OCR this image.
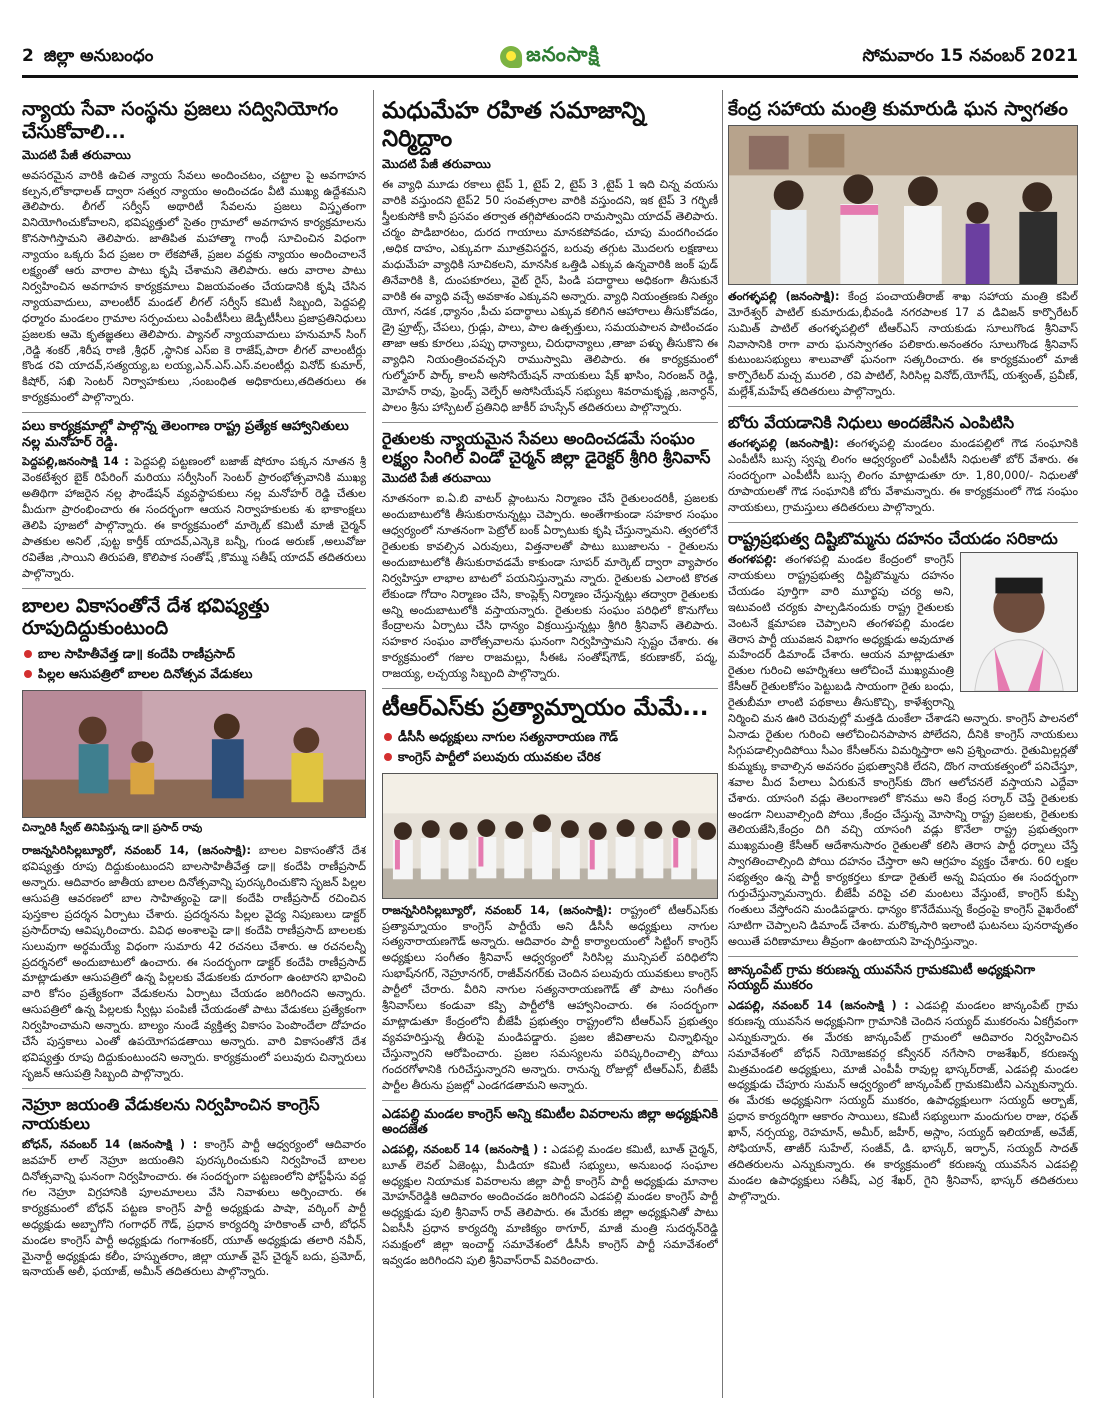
2 జిల్లా అనుబంధం	జనంసాక్షి	సోమవారం 15 నవంబర్ 2021
న్యాయ సేవా సంస్థను ప్రజలు సద్వినియోగం చేసుకోవాలి...
మొదటి పేజీ తరువాయి

అవసరమైన వారికి ఉచిత న్యాయ సేవలు అందించటం, చట్టాల పై అవగాహన కల్పన,లోకాధాలత్ ద్వారా సత్వర న్యాయం అందించడం వీటి ముఖ్య ఉద్దేశమని తెలిపారు. లీగల్ సర్వీస్ అథారిటీ సేవలను ప్రజలు విస్తృతంగా వినియోగించుకోవాలని, భవిష్యత్తులో సైతం గ్రామాలో అవగాహన కార్యక్రమాలను కొనసాగిస్తామని తెలిపారు. జాతిపిత మహాత్మా గాంధీ సూచించిన విధంగా న్యాయం ఒక్కరు పేద ప్రజల రా లేకపోతే, ప్రజల వద్దకు న్యాయం అందించాలనే లక్ష్యంతో ఆరు వారాల పాటు కృషి చేశామని తెలిపారు. ఆరు వారాల పాటు నిర్వహించిన అవగాహన కార్యక్రమాలు విజయవంతం చేయడానికి కృషి చేసిన న్యాయవాదులు, వాలంటీర్ మండల్ లీగల్ సర్వీస్ కమిటీ సిబ్బంది, పెద్దపల్లి ధర్మారం మండలం గ్రామాల సర్పంచులు ఎంపీటీసీలు జెడ్పీటీసీలు ప్రజాప్రతినిధులు ప్రజలకు ఆమె కృతజ్ఞతలు తెలిపారు. ప్యానల్ న్యాయవాదులు హనుమాన్ సింగ్ ,రెడ్డి శంకర్ ,శిరీష రాణి ,శ్రీధర్ ,స్థానిక ఎస్ఐ కె రాజేష్,పారా లీగల్ వాలంటీర్లు కొండ రవి యాదవ్,సత్యయ్య,బ లయ్య,ఎన్.ఎస్.ఎస్.వలంటీర్లు వినోద్ కుమార్, కిషోర్, సఖి సెంటర్ నిర్వాహకులు ,సంబంధిత అధికారులు,తదితరులు ఈ కార్యక్రమంలో పాల్గొన్నారు.

పలు కార్యక్రమాల్లో పాల్గొన్న తెలంగాణ రాష్ట్ర ప్రత్యేక ఆహ్వానితులు నల్ల మనోహర్ రెడ్డి.

పెద్దపల్లి,జనంసాక్షి 14 : పెద్దపల్లి పట్టణంలో బజాజ్ షోరూం పక్కన నూతన శ్రీ వెంకటేశ్వర బైక్ రిపేరింగ్ మరియు సర్వీసింగ్ సెంటర్ ప్రారంభోత్సవానికి ముఖ్య అతిథిగా హాజరైన నల్ల ఫౌండేషన్ వ్యవస్థాపకులు నల్ల మనోహర్ రెడ్డి చేతుల మీదుగా ప్రారంభించారు ఈ సందర్భంగా ఆయన నిర్వాహకులకు శు భాకాంక్షలు తెలిపి పూజలో పాల్గొన్నారు. ఈ కార్యక్రమంలో మార్కెట్ కమిటీ మాజీ చైర్మన్ పాతకుల అనిల్ ,పుట్ట కార్తీక్ యాదవ్,ఎన్కెకె బన్నీ, గుండ అరుణ్ ,అలువోజు రవితేజ ,సాయిని తిరుపతి, కొలిపాక సంతోష్ ,కొమ్ము సతీష్ యాదవ్ తదితరులు పాల్గొన్నారు.

బాలల వికాసంతోనే దేశ భవిష్యత్తు రూపుదిద్దుకుంటుంది
బాల సాహితీవేత్త డా॥ కందేపి రాణీప్రసాద్
పిల్లల ఆసుపత్రిలో బాలల దినోత్సవ వేడుకలు
చిన్నారికి స్వీట్ తినిపిస్తున్న డా॥ ప్రసాద్ రావు

రాజన్నసిరిసిల్లబ్యూరో, నవంబర్ 14, (జనంసాక్షి): బాలల వికాసంతోనే దేశ భవిష్యత్తు రూపు దిద్దుకుంటుందని బాలసాహితీవేత్త డా॥ కందేపి రాణీప్రసాద్ అన్నారు. ఆదివారం జాతీయ బాలల దినోత్సవాన్ని పురస్కరించుకొని సృజన్ పిల్లల ఆసుపత్రి ఆవరణలో బాల సాహిత్యంపై డా॥ కందేపి రాణీప్రసాద్ రచించిన పుస్తకాల ప్రదర్శన ఏర్పాటు చేశారు. ప్రదర్శనను పిల్లల వైద్య నిపుణులు డాక్టర్ ప్రసాద్‌రావు ఆవిష్కరించారు. వివిధ అంశాలపై డా॥ కందేపి రాణీప్రసాద్ బాలలకు సులువుగా అర్థమయ్యే విధంగా సుమారు 42 రచనలు చేశారు. ఆ రచనలన్నీ ప్రదర్శనలో అందుబాటులో ఉంచారు. ఈ సందర్భంగా డాక్టర్ కందేపి రాణీప్రసాద్ మాట్లాడుతూ ఆసుపత్రిలో ఉన్న పిల్లలకు వేడుకలకు దూరంగా ఉంటారని భావించి వారి కోసం ప్రత్యేకంగా వేడుకలను ఏర్పాటు చేయడం జరిగిందని అన్నారు. ఆసుపత్రిలో ఉన్న పిల్లలకు స్వీట్లు పంపిణీ చేయడంతో పాటు వేడుకలు ప్రత్యేకంగా నిర్వహించామని అన్నారు. బాల్యం నుండే వ్యక్తిత్వ వికాసం పెంపొందేలా దోహదం చేసే పుస్తకాలు ఎంతో ఉపయోగపడతాయి అన్నారు. వారి వికాసంతోనే దేశ భవిష్యత్తు రూపు దిద్దుకుంటుందని అన్నారు. కార్యక్రమంలో పలువురు చిన్నారులు సృజన్ ఆసుపత్రి సిబ్బంది పాల్గొన్నారు.

నెహ్రూ జయంతి వేడుకలను నిర్వహించిన కాంగ్రెస్ నాయకులు

బోధన్, నవంబర్ 14 (జనంసాక్షి ) : కాంగ్రెస్ పార్టీ ఆధ్వర్యంలో ఆదివారం జవహర్ లాల్ నెహ్రూ జయంతిని పురస్కరించుకుని నిర్వహించే బాలల దినోత్సవాన్ని ఘనంగా నిర్వహించారు. ఈ సందర్భంగా పట్టణంలోని ఫోస్ట్‌ఫీసు వద్ద గల నెహ్రూ విగ్రహానికి పూలమాలలు వేసి నివాళులు అర్పించారు. ఈ కార్యక్రమంలో బోధన్ పట్టణ కాంగ్రెస్ పార్టీ అధ్యక్షుడు పాషా, వర్కింగ్ పార్టీ అధ్యక్షుడు అబ్బాగోని గంగాధర్ గౌడ్, ప్రధాన కార్యదర్శి హరికాంత్ చారీ, బోధన్ మండల కాంగ్రెస్ పార్టీ అధ్యక్షుడు గంగాశంకర్, యూత్ అధ్యక్షుడు తలారి నవీన్, మైనార్టీ అధ్యక్షుడు కలీం, హస్నుతరాం, జిల్లా యూత్ వైస్ చైర్మన్ బదు, ప్రమోద్, ఇనాయత్ అలీ, ఫయాజ్, అమీన్ తదితరులు పాల్గొన్నారు.

మధుమేహ రహిత సమాజాన్ని నిర్మిద్దాం
మొదటి పేజీ తరువాయి

ఈ వ్యాధి మూడు రకాలు టైప్ 1, టైప్ 2, టైప్ 3 ,టైప్ 1 ఇది చిన్న వయసు వారికి వస్తుందని టైప్2 50 సంవత్సరాల వారికి వస్తుందని, ఇక టైప్ 3 గర్భిణీ స్త్రీలకుసోకి కానీ ప్రసవం తర్వాత తగ్గిపోతుందని రామస్వామి యాదవ్ తెలిపారు. చర్మం పొడిబారటం, దురద గాయాలు మానకపోవడం, చూపు మందగించడం ,అధిక దాహం, ఎక్కువగా మూత్రవిసర్జన, బరువు తగ్గుట మొదలగు లక్షణాలు మధుమేహ వ్యాధికి సూచికలని, మానసిక ఒత్తిడి ఎక్కువ ఉన్నవారికి జంక్ ఫుడ్ తినేవారికి కి, దుంపకూరలు, వైట్ రైస్, పిండి పదార్థాలు అధికంగా తీసుకునే వారికి ఈ వ్యాధి వచ్చే అవకాశం ఎక్కువని అన్నారు. వ్యాధి నియంత్రణకు నిత్యం యోగ, నడక ,ధ్యానం ,పీచు పదార్థాలు ఎక్కువ కలిగిన ఆహారాలు తీసుకోవడం, డ్రై ఫ్రూట్స్, చేపలు, గ్రుడ్లు, పాలు, పాల ఉత్పత్తులు, సమయపాలన పాటించడం తాజా ఆకు కూరలు ,పప్పు ధాన్యాలు, చిరుధాన్యాలు ,తాజా పళ్ళు తీసుకొని ఈ వ్యాధిని నియంత్రించవచ్చని రాముస్వామి తెలిపారు. ఈ కార్యక్రమంలో గుల్మోహర్ పార్క్ కాలనీ అసోసియేషన్ నాయకులు షేక్ ఖాసిం, నిరంజన్ రెడ్డి, మోహన్ రావు, ఫ్రెండ్స్ వెల్ఫేర్ అసోసియేషన్ సభ్యులు శివరామకృష్ణ ,జనార్ధన్, పాలం శ్రీను హాస్పిటల్ ప్రతినిధి జాకీర్ హుస్సేన్ తదితరులు పాల్గొన్నారు.

రైతులకు న్యాయమైన సేవలు అందించడమే సంఘం లక్ష్యం సింగిల్ విండో చైర్మన్ జిల్లా డైరెక్టర్ శ్రీగిరి శ్రీనివాస్
మొదటి పేజీ తరువాయి

నూతనంగా ఐ.ఏ.బి వాటర్ ప్లాంటును నిర్మాణం చేసే రైతులందరికీ, ప్రజలకు అందుబాటులోకి తీసుకురానున్నట్లు చెప్పారు. అంతేగాకుండా సహకార సంఘం ఆధ్వర్యంలో నూతనంగా పెట్రోల్ బంక్ ఏర్పాటుకు కృషి చేస్తున్నామని. త్వరలోనే రైతులకు కావల్సిన ఎరువులు, విత్తనాలతో పాటు ఋజాలను - రైతులను అందుబాటులోకి తీసుకురావడమే కాకుండా సూపర్ మార్కెట్ ద్వారా వ్యాపారం నిర్వహిస్తూ లాభాల బాటలో పయనిస్తున్నామ న్నారు. రైతులకు ఎలాంటి కొరత లేకుండా గోదాం నిర్మాణం చేసి, కాంప్లెక్స్ నిర్మాణం చేస్తున్నట్లు తద్వారా రైతులకు అన్ని అందుబాటులోకి వస్తాయన్నారు. రైతులకు సంఘం పరిధిలో కొనుగోలు కేంద్రాలను ఏర్పాటు చేసి ధాన్యం విక్రయిస్తున్నట్లు శ్రీగిరి శ్రీనివాస్ తెలిపారు. సహకార సంఘం వారోత్సవాలను ఘనంగా నిర్వహిస్తామని స్పష్టం చేశారు. ఈ కార్యక్రమంలో గజుల రాజమల్లు, సీఈఓ సంతోష్‌గౌడ్, కరుణాకర్, పద్మ, రాజయ్య, లచ్చయ్య సిబ్బంది పాల్గొన్నారు.

టీఆర్ఎస్‌కు ప్రత్యామ్నాయం మేమే...
డీసీసీ అధ్యక్షులు నాగుల సత్యనారాయణ గౌడ్
కాంగ్రెస్ పార్టీలో పలువురు యువకుల చేరిక

రాజన్నసిరిసిల్లబ్యూరో, నవంబర్ 14, (జనంసాక్షి): రాష్ట్రంలో టీఆర్ఎస్‌కు ప్రత్యామ్నాయం కాంగ్రెస్ పార్టీయే అని డీసీసీ అధ్యక్షులు నాగుల సత్యనారాయణగౌడ్ అన్నారు. ఆదివారం పార్టీ కార్యాలయంలో సిట్టింగ్ కాంగ్రెస్ అధ్యక్షులు సంగీతం శ్రీనివాస్ ఆధ్వర్యంలో సిరిసిల్ల మున్సిపల్ పరిధిలోని సుభాష్‌నగర్, నెహ్రూనగర్, రాజీవ్‌నగర్‌కు చెందిన పలువురు యువకులు కాంగ్రెస్ పార్టీలో చేరారు. వీరిని నాగుల సత్యనారాయణగౌడ్ తో పాటు సంగీతం శ్రీనివాస్‌లు కండువా కప్పి పార్టీలోకి ఆహ్వానించారు. ఈ సందర్భంగా మాట్లాడుతూ కేంద్రంలోని బీజేపీ ప్రభుత్వం రాష్ట్రంలోని టీఆర్ఎస్ ప్రభుత్వం వ్యవహరిస్తున్న తీరుపై మండిపడ్డారు. ప్రజల జీవితాలను చిన్నాభిన్నం చేస్తున్నారని ఆరోపించారు. ప్రజల సమస్యలను పరిష్కరించాల్సి పోయి గందరగోళానికి గురిచేస్తున్నారని అన్నారు. రానున్న రోజుల్లో టీఆర్ఎస్, బీజేపీ పార్టీల తీరును ప్రజల్లో ఎండగడతామని అన్నారు.

ఎడపల్లి మండల కాంగ్రెస్ అన్ని కమిటీల వివరాలను జిల్లా అధ్యక్షునికి అందజేత

ఎడపల్లి, నవంబర్ 14 (జనంసాక్షి ) : ఎడపల్లి మండల కమిటీ, బూత్ చైర్మన్, బూత్ లెవల్ ఏజెంట్లు, మీడియా కమిటీ సభ్యులు, అనుబంధ సంఘాల అధ్యక్షుల నియామక వివరాలను జిల్లా పార్టీ కాంగ్రెస్ పార్టీ అధ్యక్షుడు మానాల మోహన్‌రెడ్డికి ఆదివారం అందించడం జరిగిందని ఎడపల్లి మండల కాంగ్రెస్ పార్టీ అధ్యక్షుడు పులి శ్రీనివాస్ రావ్ తెలిపారు. ఈ మేరకు జిల్లా అధ్యక్షునితో పాటు ఏఐసీసీ ప్రధాన కార్యదర్శి మాణిక్యం ఠాగూర్, మాజీ మంత్రి సుదర్శన్‌రెడ్డి సమక్షంలో జిల్లా ఇంచార్జ్ సమావేశంలో డీసీసీ కాంగ్రెస్ పార్టీ సమావేశంలో ఇవ్వడం జరిగిందని పులి శ్రీనివాస్‌రావ్ వివరించారు.

కేంద్ర సహాయ మంత్రి కుమారుడి ఘన స్వాగతం

తంగళ్ళపల్లి (జనంసాక్షి): కేంద్ర పంచాయతీరాజ్ శాఖ సహాయ మంత్రి కపిల్ మోరేశ్వర్ పాటిల్ కుమారుడు,భీవండి నగరపాలక 17 వ డివిజన్ కార్పొరేటర్ సుమిత్ పాటిల్ తంగళ్ళపల్లిలో టీఆర్ఎస్ నాయకుడు సూలుగొండ శ్రీనివాస్ నివాసానికి రాగా వారు ఘనస్వాగతం పలికారు.అనంతరం సూలుగొండ శ్రీనివాస్ కుటుంబసభ్యులు శాలువాతో ఘనంగా సత్కరించారు. ఈ కార్యక్రమంలో మాజీ కార్పొరేటర్ మచ్చ మురలి , రవి పాటిల్, సిరిసిల్ల వినోద్,యోగేష్, యశ్వంత్, ప్రవీణ్, మల్లేశ్,మహేష్ తదితరులు పాల్గొన్నారు.

బోరు వేయడానికి నిధులు అందజేసిన ఎంపిటిసి

తంగళ్ళపల్లి (జనంసాక్షి): తంగళ్ళపల్లి మండలం మండపల్లిలో గౌడ సంఘానికి ఎంపీటీసీ బుస్స స్వప్న లింగం ఆధ్వర్యంలో ఎంపీటీసీ నిధులతో బోర్ వేశారు. ఈ సందర్భంగా ఎంపీటీసీ బుస్స లింగం మాట్లాడుతూ రూ. 1,80,000/- నిధులతో రూపాయలతో గౌడ సంఘానికి బోరు వేశామన్నారు. ఈ కార్యక్రమంలో గౌడ సంఘం నాయకులు, గ్రామస్తులు తదితరులు పాల్గొన్నారు.

రాష్ట్రప్రభుత్వ దిష్టిబొమ్మను దహనం చేయడం సరికాదు

తంగళపల్లి: తంగళపల్లి మండల కేంద్రంలో కాంగ్రెస్ నాయకులు రాష్ట్రప్రభుత్వ దిష్టిబొమ్మను దహనం చేయడం పూర్తిగా వారి మూర్ఖపు చర్య అని, ఇటువంటి చర్యకు పాల్పడినందుకు రాష్ట్ర రైతులకు వెంటనే క్షమాపణ చెప్పాలని తంగళపల్లి మండల తెరాస పార్టీ యువజన విభాగం అధ్యక్షుడు అవుదూత మహేందర్ డిమాండ్ చేశారు. ఆయన మాట్లాడుతూ రైతుల గురించి అహర్నిశలు ఆలోచించే ముఖ్యమంత్రి కేసీఆర్ రైతులకోసం పెట్టుబడి సాయంగా రైతు బంధు, రైతుబీమా లాంటి పథకాలు తీసుకొచ్చి, కాళేశ్వరాన్ని నిర్మించి మన ఊరి చెరువుల్లో మత్తడి దుంకేలా చేశాడని అన్నారు. కాంగ్రెస్ పాలనలో ఏనాడు రైతుల గురించి ఆలోచించినపాపాన పోలేదని, దీనికి కాంగ్రెస్ నాయకులు సిగ్గుపడాల్సిందిపోయి సీఎం కేసీఆర్‌ను విమర్శిస్తారా అని ప్రశ్నించారు. రైతుమిల్లర్లతో కుమ్మక్కు కావాల్సిన అవసరం ప్రభుత్వానికి లేదని, దొంగ నాయకత్వంలో పనిచేస్తూ, శవాల మీద పేలాలు ఏరుకునే కాంగ్రెస్‌కు దొంగ ఆలోచనలే వస్తాయని ఎద్దేవా చేశారు. యాసంగి వడ్లు తెలంగాణలో కొనము అని కేంద్ర సర్కార్ చెప్తే రైతులకు అండగా నిలువాల్సింది పోయి ,కేంద్రం చేస్తున్న మోసాన్ని రాష్ట్ర ప్రజలకు, రైతులకు తెలియజేసి,కేంద్రం దిగి వచ్చి యాసంగి వడ్లు కొనేలా రాష్ట్ర ప్రభుత్వంగా ముఖ్యమంత్రి కేసీఆర్ ఆదేశానుసారం రైతులతో కలిసి తెరాస పార్టీ ధర్నాలు చేస్తే స్వాగతించాల్సింది పోయి దహనం చేస్తారా అని ఆగ్రహం వ్యక్తం చేశారు. 60 లక్షల సభ్యత్వం ఉన్న పార్టీ కార్యకర్తలు కూడా రైతులే అన్న విషయం ఈ సందర్భంగా గుర్తుచేస్తున్నామన్నారు. బీజేపీ వరిపై చలి మంటలు వేస్తుంటే, కాంగ్రెస్ కుప్పి గంతులు వేస్తోందని మండిపడ్డారు. ధాన్యం కొనేదేమున్న కేంద్రంపై కాంగ్రెస్ వైఖరేంటో సూటిగా చెప్పాలని డిమాండ్ చేశారు. మరొక్కసారి ఇలాంటి ఘటనలు పునరావృతం అయితే పరిణామాలు తీవ్రంగా ఉంటాయని హెచ్చరిస్తున్నాం.

జాన్కంపేట్ గ్రామ కరుణన్న యువసేన గ్రామకమిటీ అధ్యక్షునిగా సయ్యద్ ముకరం

ఎడపల్లి, నవంబర్ 14 (జనంసాక్షి ) : ఎడపల్లి మండలం జాన్కంపేట్ గ్రామ కరుణన్న యువసేన అధ్యక్షునిగా గ్రామానికి చెందిన సయ్యద్ ముకరంను ఏకగ్రీవంగా ఎన్నుకున్నారు. ఈ మేరకు జాన్కంపేట్ గ్రామంలో ఆదివారం నిర్వహించిన సమావేశంలో బోధన్ నియోజకవర్గ కన్వీనర్ నగేసాని రాజశేఖర్, కరుణన్న మిత్రమండలి అధ్యక్షులు, మాజీ ఎంపీపీ రావుల్ల భాస్కర్‌రాజ్, ఎడపల్లి మండల అధ్యక్షుడు చేపూరు సుమన్ ఆధ్వర్యంలో జాన్కంపేట్ గ్రామకమిటీని ఎన్నుకున్నారు. ఈ మేరకు అధ్యక్షునిగా సయ్యద్ ముకరం, ఉపాధ్యక్షులుగా సయ్యద్ అర్బాజ్, ప్రధాన కార్యదర్శిగా ఆకారం సాయిలు, కమిటీ సభ్యులుగా మందుగుల రాజు, రఫత్ ఖాన్, నర్సయ్య, రెహమాన్, అమీర్, జహీర్, అస్లాం, సయ్యద్ ఇలియాజ్, అవేజ్, సోఫియాన్, తాజీర్ సుహేల్, సంజీవ్, డి. భాస్కర్, ఇర్ఫాన్, సయ్యద్ సాదత్ తదితరులను ఎన్నుకున్నారు. ఈ కార్యక్రమంలో కరుణన్న యువసేన ఎడపల్లి మండల ఉపాధ్యక్షులు సతీష్, ఎర్ర శేఖర్, గైని శ్రీనివాస్, భాస్కర్ తదితరులు పాల్గొన్నారు.
